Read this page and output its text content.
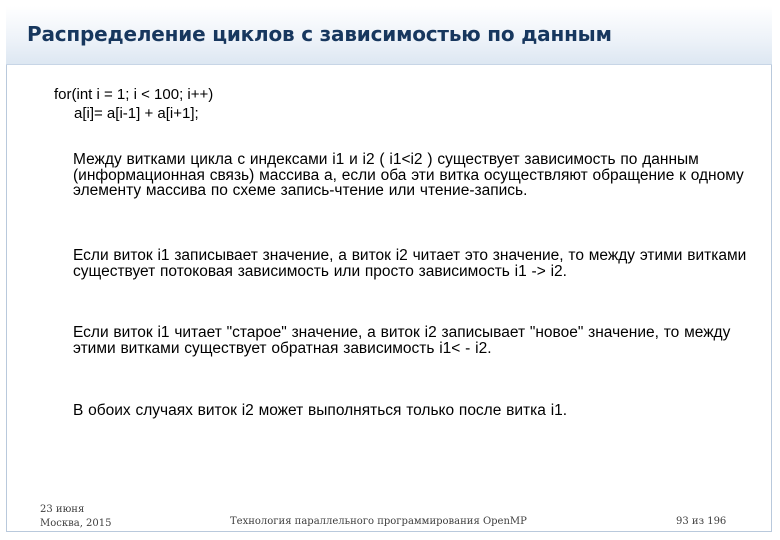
Распределение циклов с зависимостью по данным
for(int i = 1; i < 100; i++)
a[i]= a[i-1] + a[i+1];
Между витками цикла с индексами i1 и i2 ( i1<i2 ) существует зависимость по данным (информационная связь) массива a, если оба эти витка осуществляют обращение к одному элементу массива по схеме запись-чтение или чтение-запись.
Если виток i1 записывает значение, а виток i2 читает это значение, то между этими витками существует потоковая зависимость или просто зависимость i1 -> i2.
Если виток i1 читает "старое" значение, а виток i2 записывает "новое" значение, то между этими витками существует обратная зависимость i1< - i2.
В обоих случаях виток i2 может выполняться только после витка i1.
23 июня
Москва, 2015	Технология параллельного программирования OpenMP	93 из 196
